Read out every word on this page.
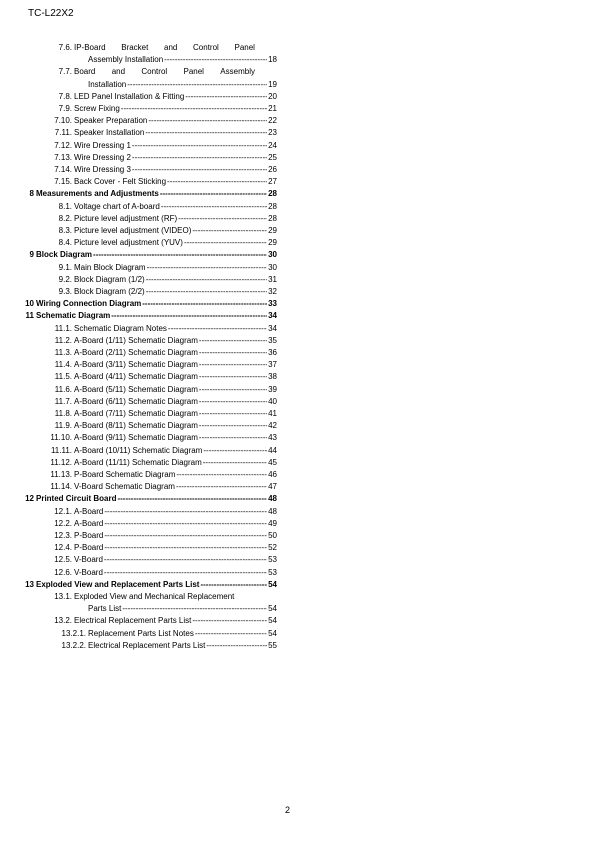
TC-L22X2
7.6. IP-Board Bracket and Control Panel
Assembly Installation -----	18
7.7. Board and Control Panel Assembly
Installation -----	19
7.8. LED Panel Installation & Fitting -----	20
7.9. Screw Fixing -----	21
7.10. Speaker Preparation -----	22
7.11. Speaker Installation -----	23
7.12. Wire Dressing 1 -----	24
7.13. Wire Dressing 2 -----	25
7.14. Wire Dressing 3 -----	26
7.15. Back Cover - Felt Sticking -----	27
8 Measurements and Adjustments -----	28
8.1. Voltage chart of A-board -----	28
8.2. Picture level adjustment (RF) -----	28
8.3. Picture level adjustment (VIDEO) -----	29
8.4. Picture level adjustment (YUV) -----	29
9 Block Diagram -----	30
9.1. Main Block Diagram -----	30
9.2. Block Diagram (1/2) -----	31
9.3. Block Diagram (2/2) -----	32
10 Wiring Connection Diagram -----	33
11 Schematic Diagram -----	34
11.1. Schematic Diagram Notes -----	34
11.2. A-Board (1/11) Schematic Diagram -----	35
11.3. A-Board (2/11) Schematic Diagram -----	36
11.4. A-Board (3/11) Schematic Diagram -----	37
11.5. A-Board (4/11) Schematic Diagram -----	38
11.6. A-Board (5/11) Schematic Diagram -----	39
11.7. A-Board (6/11) Schematic Diagram -----	40
11.8. A-Board (7/11) Schematic Diagram -----	41
11.9. A-Board (8/11) Schematic Diagram -----	42
11.10. A-Board (9/11) Schematic Diagram -----	43
11.11. A-Board (10/11) Schematic Diagram -----	44
11.12. A-Board (11/11) Schematic Diagram -----	45
11.13. P-Board Schematic Diagram -----	46
11.14. V-Board Schematic Diagram -----	47
12 Printed Circuit Board -----	48
12.1. A-Board -----	48
12.2. A-Board -----	49
12.3. P-Board -----	50
12.4. P-Board -----	52
12.5. V-Board -----	53
12.6. V-Board -----	53
13 Exploded View and Replacement Parts List -----	54
13.1. Exploded View and Mechanical Replacement
Parts List -----	54
13.2. Electrical Replacement Parts List -----	54
13.2.1. Replacement Parts List Notes -----	54
13.2.2. Electrical Replacement Parts List -----	55
2
